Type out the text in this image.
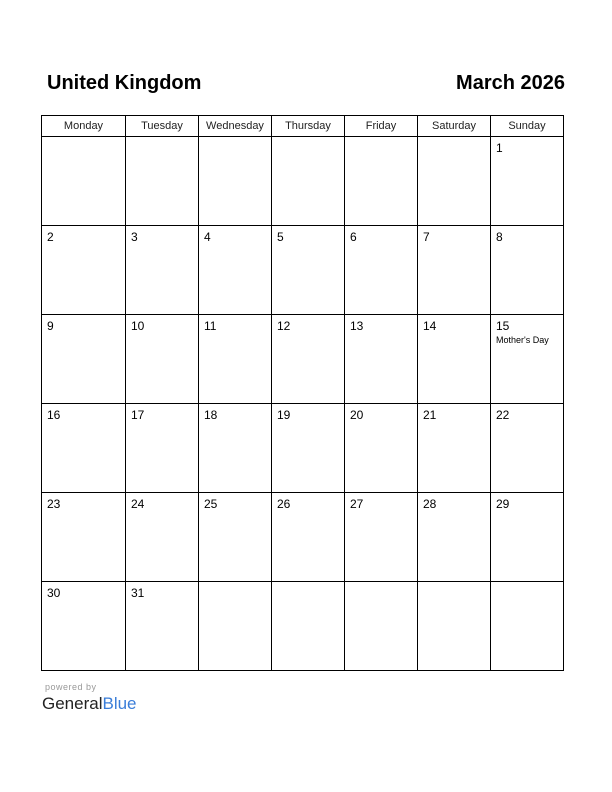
United Kingdom	March 2026
Monday	Tuesday	Wednesday	Thursday	Friday	Saturday	Sunday

						1

2	3	4	5	6	7	8

9	10	11	12	13	14	15
Mother's Day

16	17	18	19	20	21	22

23	24	25	26	27	28	29

30	31					

powered by
GeneralBlue
